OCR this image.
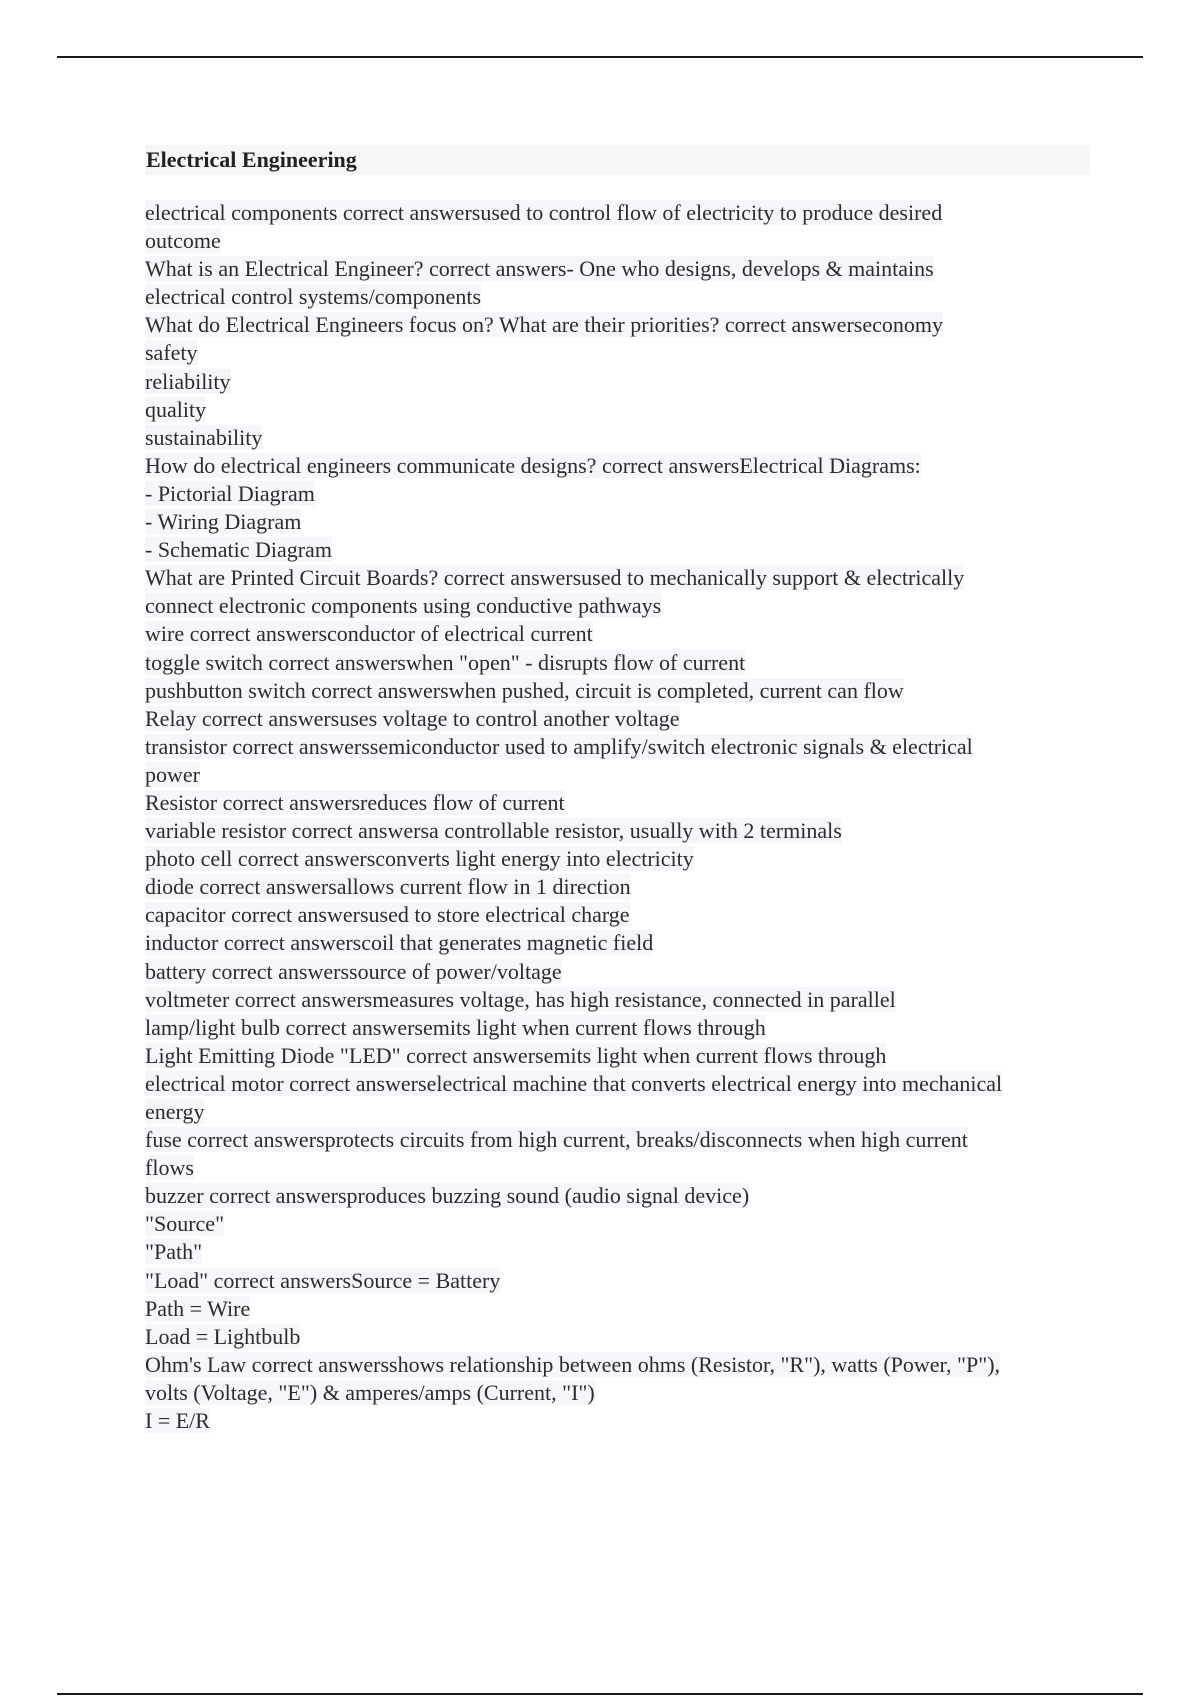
Electrical Engineering
electrical components correct answersused to control flow of electricity to produce desired
outcome
What is an Electrical Engineer? correct answers- One who designs, develops & maintains
electrical control systems/components
What do Electrical Engineers focus on? What are their priorities? correct answerseconomy
safety
reliability
quality
sustainability
How do electrical engineers communicate designs? correct answersElectrical Diagrams:
- Pictorial Diagram
- Wiring Diagram
- Schematic Diagram
What are Printed Circuit Boards? correct answersused to mechanically support & electrically
connect electronic components using conductive pathways
wire correct answersconductor of electrical current
toggle switch correct answerswhen "open" - disrupts flow of current
pushbutton switch correct answerswhen pushed, circuit is completed, current can flow
Relay correct answersuses voltage to control another voltage
transistor correct answerssemiconductor used to amplify/switch electronic signals & electrical
power
Resistor correct answersreduces flow of current
variable resistor correct answersa controllable resistor, usually with 2 terminals
photo cell correct answersconverts light energy into electricity
diode correct answersallows current flow in 1 direction
capacitor correct answersused to store electrical charge
inductor correct answerscoil that generates magnetic field
battery correct answerssource of power/voltage
voltmeter correct answersmeasures voltage, has high resistance, connected in parallel
lamp/light bulb correct answersemits light when current flows through
Light Emitting Diode "LED" correct answersemits light when current flows through
electrical motor correct answerselectrical machine that converts electrical energy into mechanical
energy
fuse correct answersprotects circuits from high current, breaks/disconnects when high current
flows
buzzer correct answersproduces buzzing sound (audio signal device)
"Source"
"Path"
"Load" correct answersSource = Battery
Path = Wire
Load = Lightbulb
Ohm's Law correct answersshows relationship between ohms (Resistor, "R"), watts (Power, "P"),
volts (Voltage, "E") & amperes/amps (Current, "I")
I = E/R
